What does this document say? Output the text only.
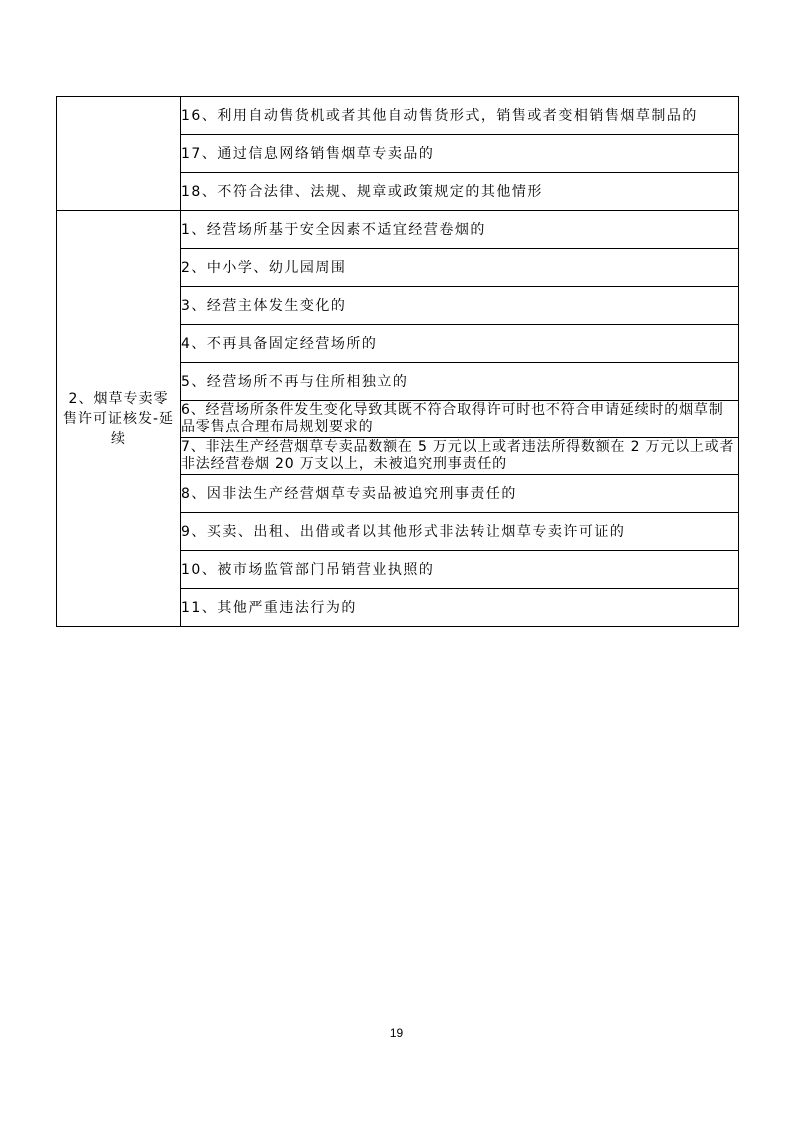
	16、利用自动售货机或者其他自动售货形式，销售或者变相销售烟草制品的
	17、通过信息网络销售烟草专卖品的
	18、不符合法律、法规、规章或政策规定的其他情形
2、烟草专卖零售许可证核发-延续	1、经营场所基于安全因素不适宜经营卷烟的
	2、中小学、幼儿园周围
	3、经营主体发生变化的
	4、不再具备固定经营场所的
	5、经营场所不再与住所相独立的
	6、经营场所条件发生变化导致其既不符合取得许可时也不符合申请延续时的烟草制品零售点合理布局规划要求的
	7、非法生产经营烟草专卖品数额在 5 万元以上或者违法所得数额在 2 万元以上或者非法经营卷烟 20 万支以上，未被追究刑事责任的
	8、因非法生产经营烟草专卖品被追究刑事责任的
	9、买卖、出租、出借或者以其他形式非法转让烟草专卖许可证的
	10、被市场监管部门吊销营业执照的
	11、其他严重违法行为的
19
